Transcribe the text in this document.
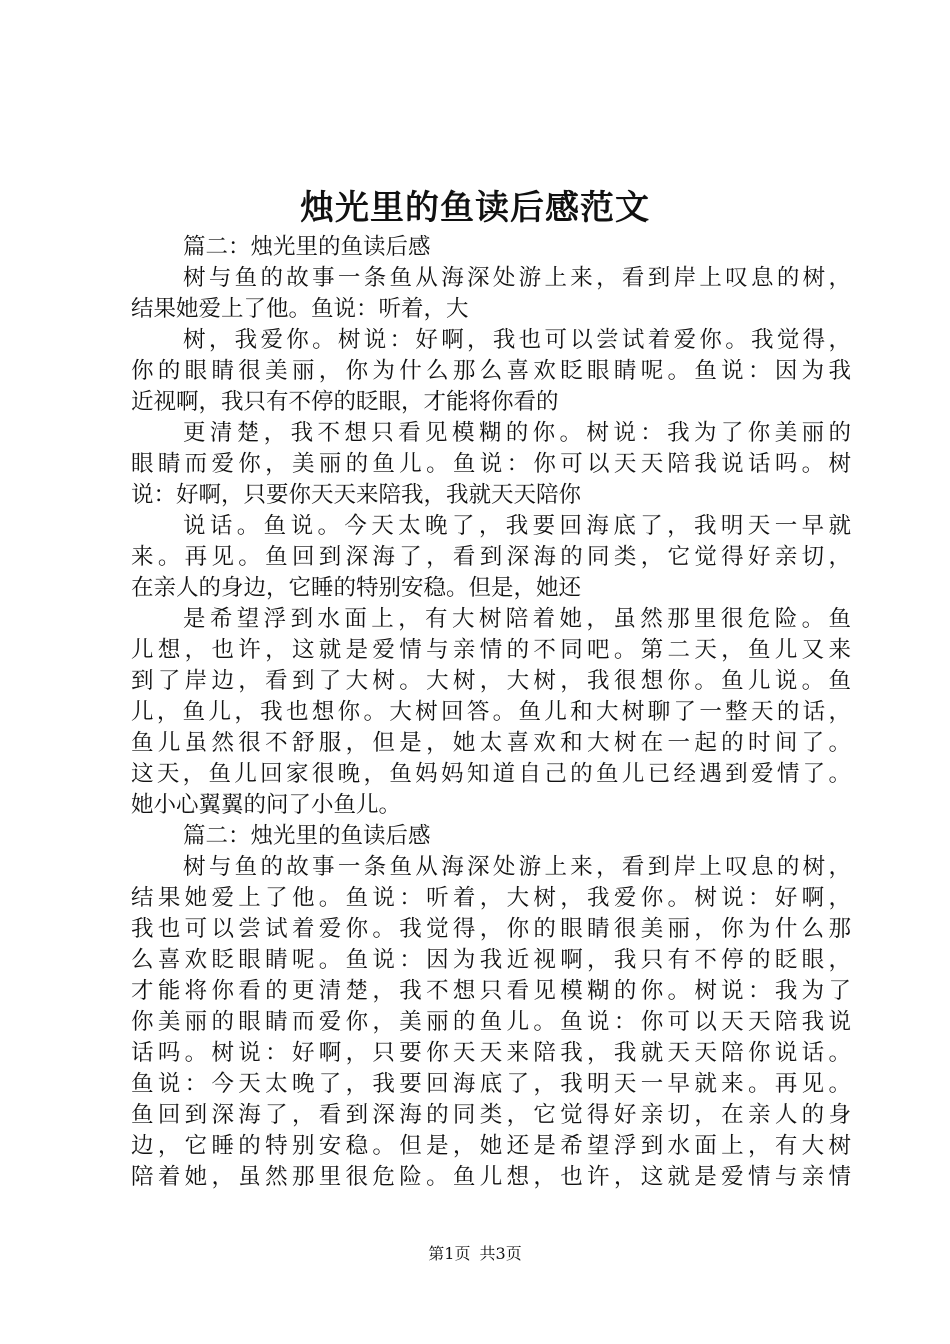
烛光里的鱼读后感范文
篇二：烛光里的鱼读后感
树与鱼的故事一条鱼从海深处游上来，看到岸上叹息的树，
结果她爱上了他。鱼说：听着，大
树，我爱你。树说：好啊，我也可以尝试着爱你。我觉得，
你的眼睛很美丽，你为什么那么喜欢眨眼睛呢。鱼说：因为我
近视啊，我只有不停的眨眼，才能将你看的
更清楚，我不想只看见模糊的你。树说：我为了你美丽的
眼睛而爱你，美丽的鱼儿。鱼说：你可以天天陪我说话吗。树
说：好啊，只要你天天来陪我，我就天天陪你
说话。鱼说。今天太晚了，我要回海底了，我明天一早就
来。再见。鱼回到深海了，看到深海的同类，它觉得好亲切，
在亲人的身边，它睡的特别安稳。但是，她还
是希望浮到水面上，有大树陪着她，虽然那里很危险。鱼
儿想，也许，这就是爱情与亲情的不同吧。第二天，鱼儿又来
到了岸边，看到了大树。大树，大树，我很想你。鱼儿说。鱼
儿，鱼儿，我也想你。大树回答。鱼儿和大树聊了一整天的话，
鱼儿虽然很不舒服，但是，她太喜欢和大树在一起的时间了。
这天，鱼儿回家很晚，鱼妈妈知道自己的鱼儿已经遇到爱情了。
她小心翼翼的问了小鱼儿。
篇二：烛光里的鱼读后感
树与鱼的故事一条鱼从海深处游上来，看到岸上叹息的树，
结果她爱上了他。鱼说：听着，大树，我爱你。树说：好啊，
我也可以尝试着爱你。我觉得，你的眼睛很美丽，你为什么那
么喜欢眨眼睛呢。鱼说：因为我近视啊，我只有不停的眨眼，
才能将你看的更清楚，我不想只看见模糊的你。树说：我为了
你美丽的眼睛而爱你，美丽的鱼儿。鱼说：你可以天天陪我说
话吗。树说：好啊，只要你天天来陪我，我就天天陪你说话。
鱼说：今天太晚了，我要回海底了，我明天一早就来。再见。
鱼回到深海了，看到深海的同类，它觉得好亲切，在亲人的身
边，它睡的特别安稳。但是，她还是希望浮到水面上，有大树
陪着她，虽然那里很危险。鱼儿想，也许，这就是爱情与亲情
第1页 共3页
